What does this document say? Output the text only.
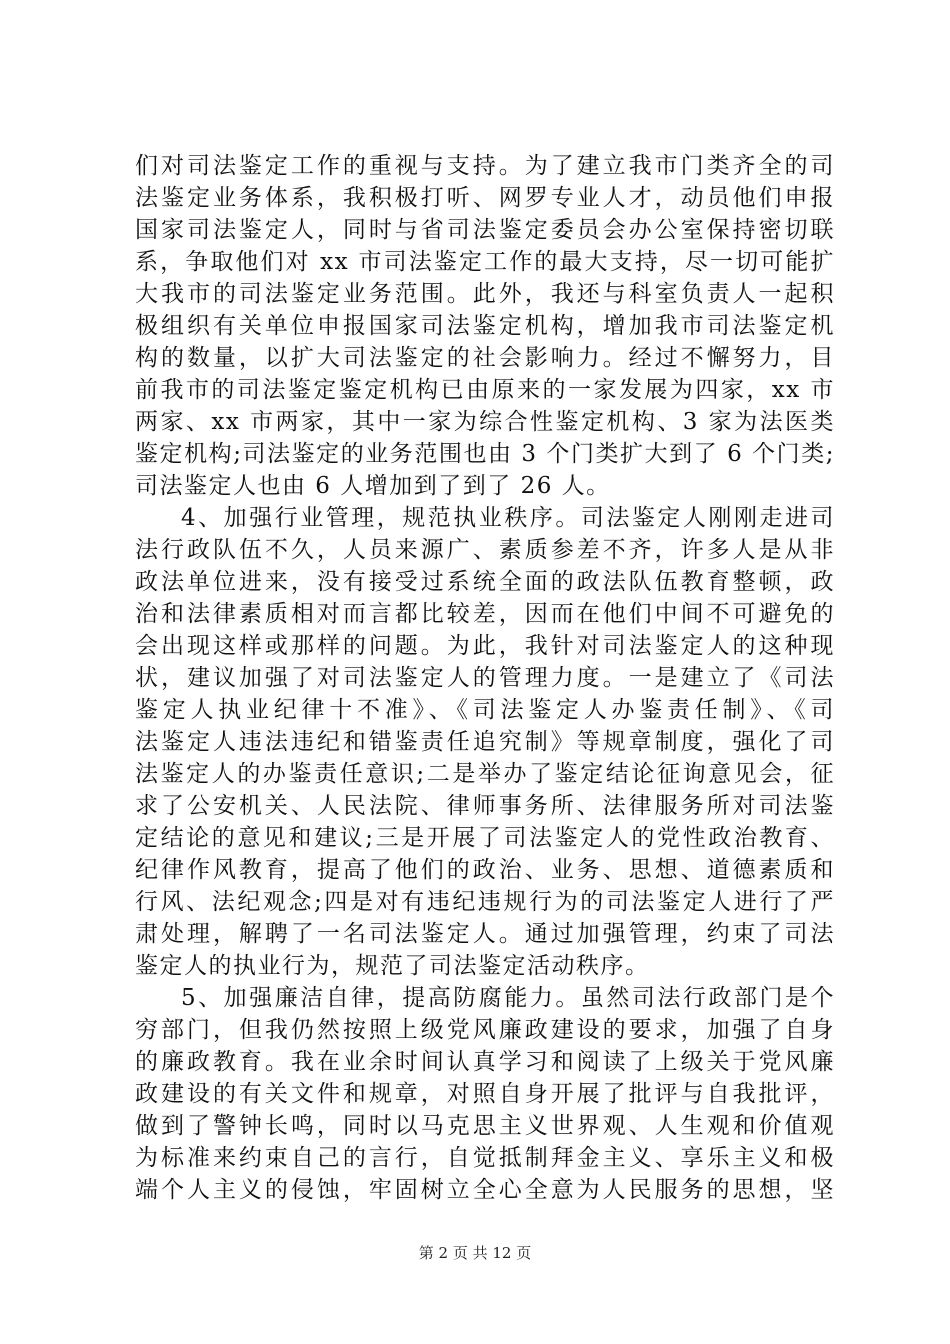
们对司法鉴定工作的重视与支持。为了建立我市门类齐全的司
法鉴定业务体系，我积极打听、网罗专业人才，动员他们申报
国家司法鉴定人，同时与省司法鉴定委员会办公室保持密切联
系，争取他们对 xx 市司法鉴定工作的最大支持，尽一切可能扩
大我市的司法鉴定业务范围。此外，我还与科室负责人一起积
极组织有关单位申报国家司法鉴定机构，增加我市司法鉴定机
构的数量，以扩大司法鉴定的社会影响力。经过不懈努力，目
前我市的司法鉴定鉴定机构已由原来的一家发展为四家，xx 市
两家、xx 市两家，其中一家为综合性鉴定机构、3 家为法医类
鉴定机构;司法鉴定的业务范围也由 3 个门类扩大到了 6 个门类;
司法鉴定人也由 6 人增加到了到了 26 人。
4、加强行业管理，规范执业秩序。司法鉴定人刚刚走进司
法行政队伍不久，人员来源广、素质参差不齐，许多人是从非
政法单位进来，没有接受过系统全面的政法队伍教育整顿，政
治和法律素质相对而言都比较差，因而在他们中间不可避免的
会出现这样或那样的问题。为此，我针对司法鉴定人的这种现
状，建议加强了对司法鉴定人的管理力度。一是建立了《司法
鉴定人执业纪律十不准》、《司法鉴定人办鉴责任制》、《司
法鉴定人违法违纪和错鉴责任追究制》等规章制度，强化了司
法鉴定人的办鉴责任意识;二是举办了鉴定结论征询意见会，征
求了公安机关、人民法院、律师事务所、法律服务所对司法鉴
定结论的意见和建议;三是开展了司法鉴定人的党性政治教育、
纪律作风教育，提高了他们的政治、业务、思想、道德素质和
行风、法纪观念;四是对有违纪违规行为的司法鉴定人进行了严
肃处理，解聘了一名司法鉴定人。通过加强管理，约束了司法
鉴定人的执业行为，规范了司法鉴定活动秩序。
5、加强廉洁自律，提高防腐能力。虽然司法行政部门是个
穷部门，但我仍然按照上级党风廉政建设的要求，加强了自身
的廉政教育。我在业余时间认真学习和阅读了上级关于党风廉
政建设的有关文件和规章，对照自身开展了批评与自我批评，
做到了警钟长鸣，同时以马克思主义世界观、人生观和价值观
为标准来约束自己的言行，自觉抵制拜金主义、享乐主义和极
端个人主义的侵蚀，牢固树立全心全意为人民服务的思想，坚
第 2 页 共 12 页
